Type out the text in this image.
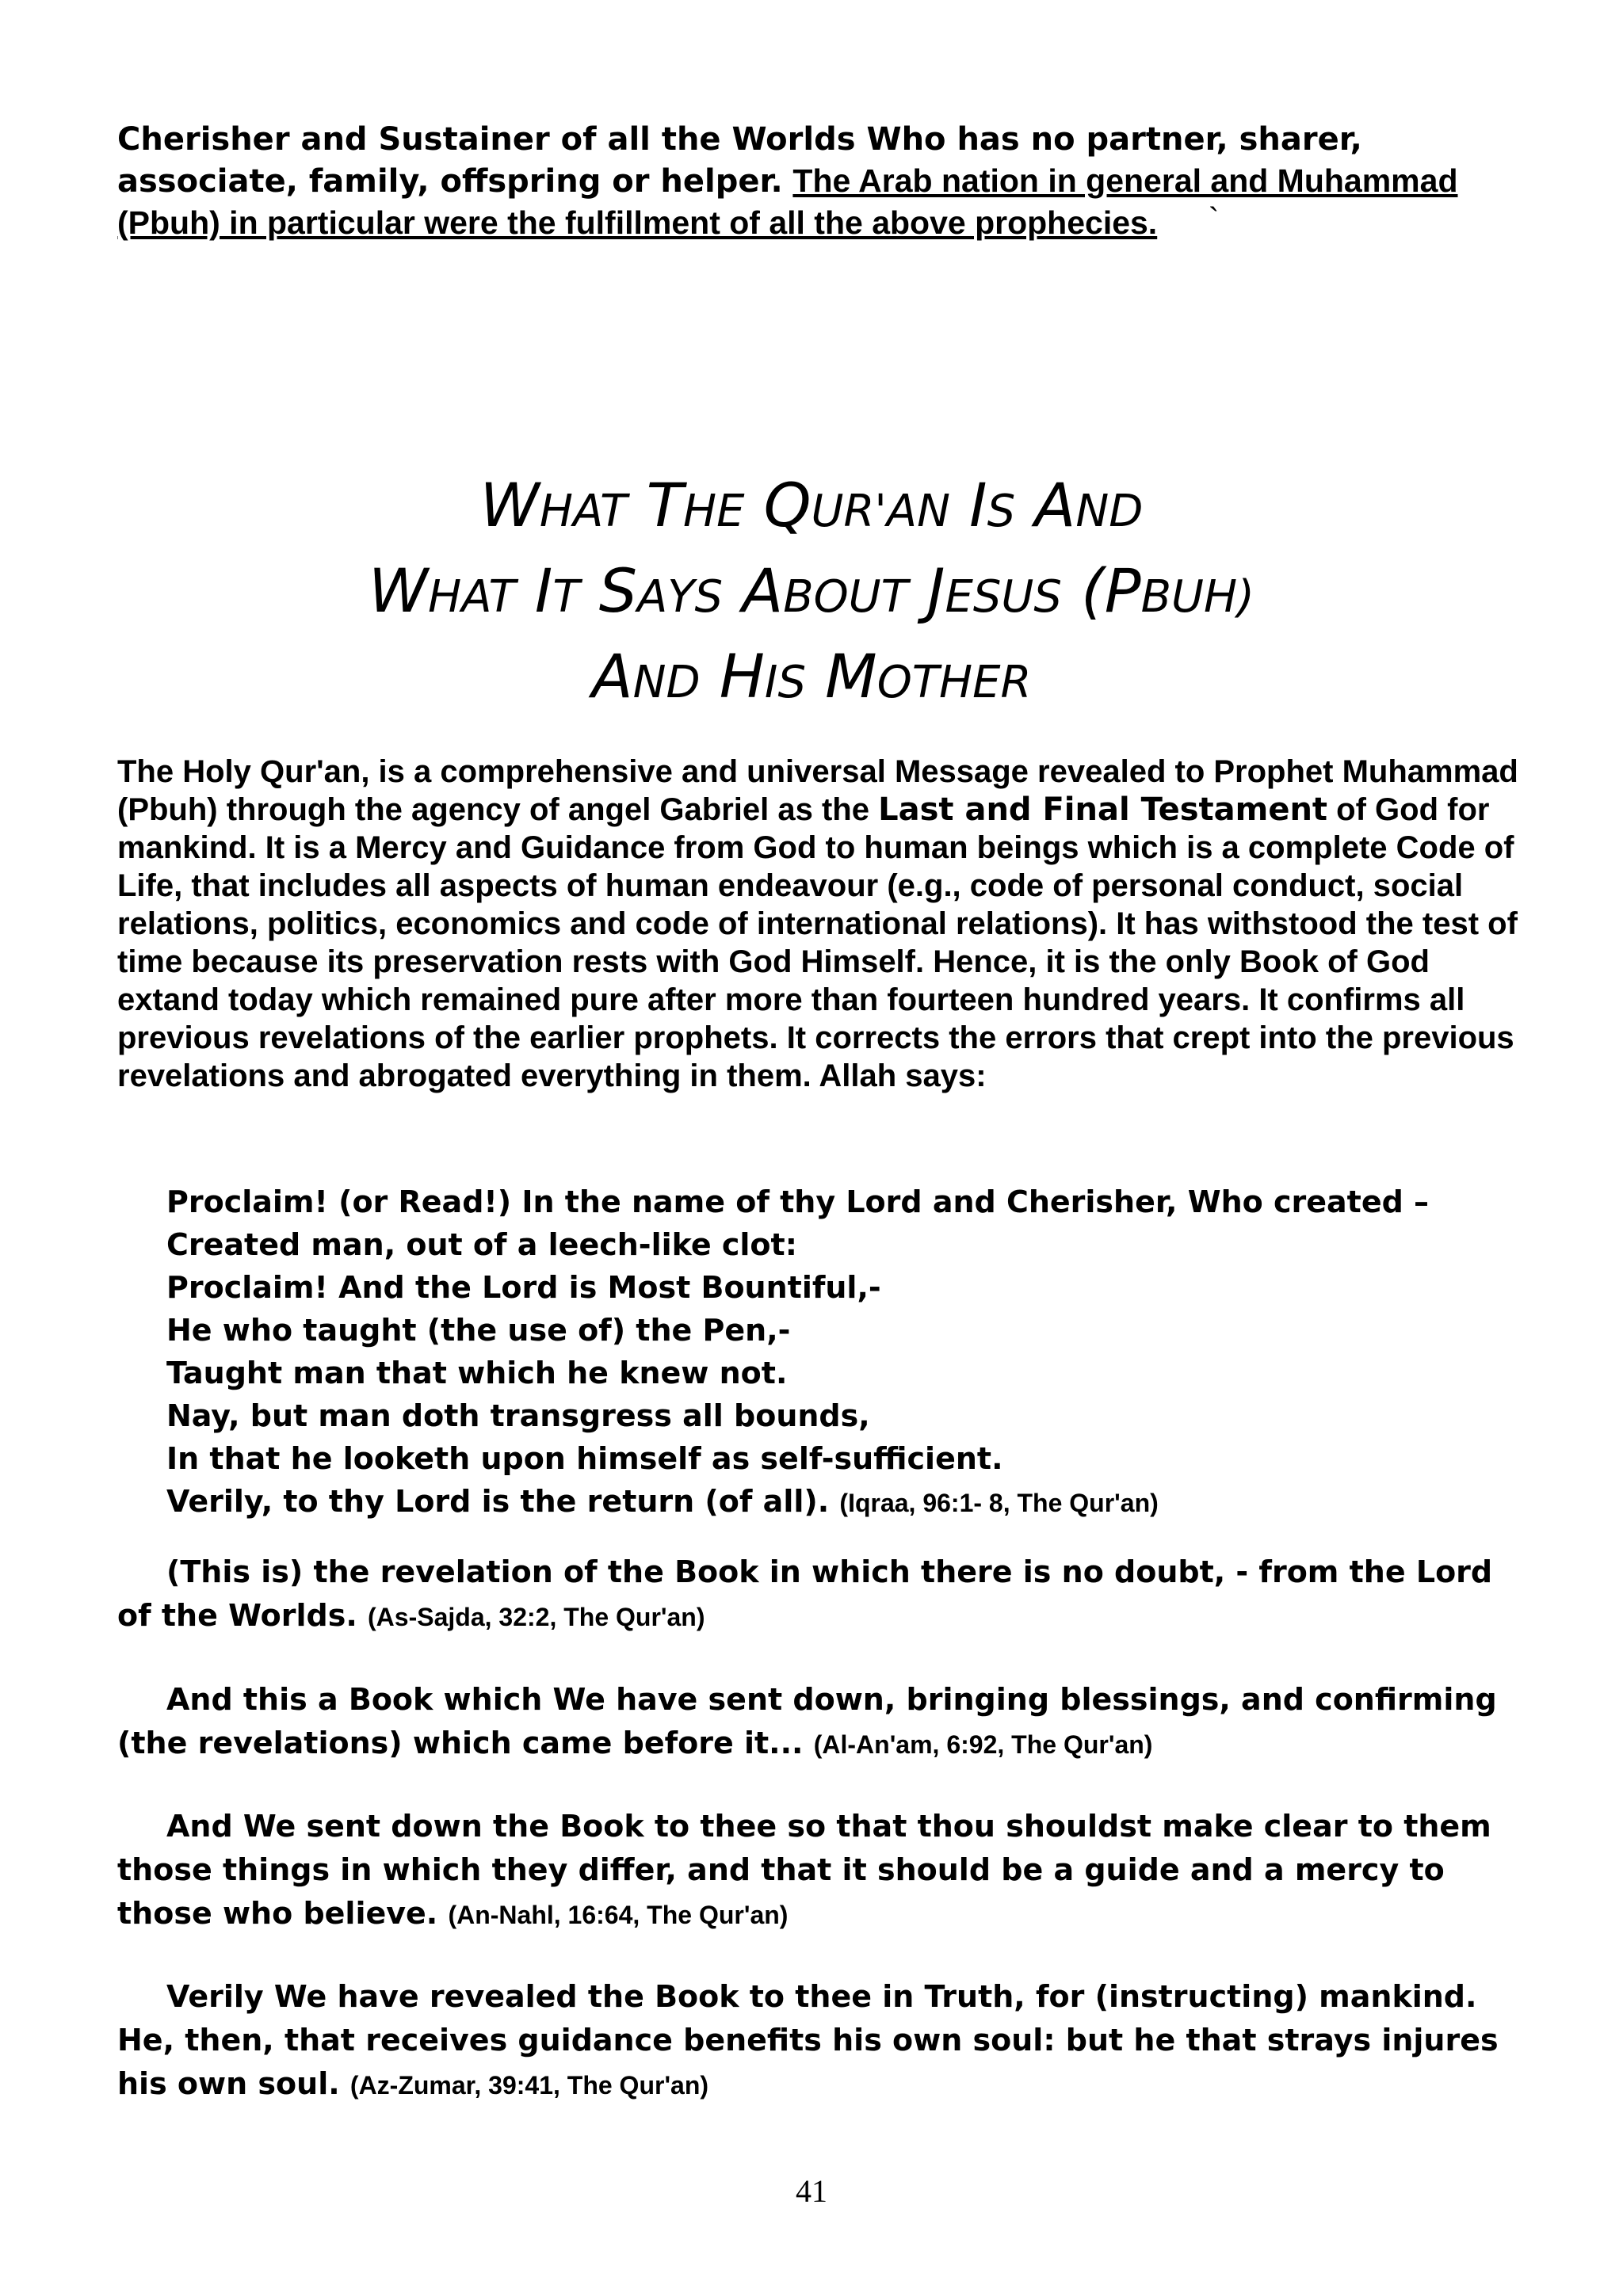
Cherisher and Sustainer of all the Worlds Who has no partner, sharer, associate, family, offspring or helper. The Arab nation in general and Muhammad (Pbuh) in particular were the fulfillment of all the above prophecies.	`
WHAT THE QUR'AN IS AND
WHAT IT SAYS ABOUT JESUS (PBUH)
AND HIS MOTHER
The Holy Qur'an, is a comprehensive and universal Message revealed to Prophet Muhammad (Pbuh) through the agency of angel Gabriel as the Last and Final Testament of God for mankind. It is a Mercy and Guidance from God to human beings which is a complete Code of Life, that includes all aspects of human endeavour (e.g., code of personal conduct, social relations, politics, economics and code of international relations). It has withstood the test of time because its preservation rests with God Himself. Hence, it is the only Book of God extand today which remained pure after more than fourteen hundred years. It confirms all previous revelations of the earlier prophets. It corrects the errors that crept into the previous revelations and abrogated everything in them. Allah says:
Proclaim! (or Read!) In the name of thy Lord and Cherisher, Who created –
Created man, out of a leech-like clot:
Proclaim! And the Lord is Most Bountiful,-
He who taught (the use of) the Pen,-
Taught man that which he knew not.
Nay, but man doth transgress all bounds,
In that he looketh upon himself as self-sufficient.
Verily, to thy Lord is the return (of all). (Iqraa, 96:1- 8, The Qur'an)
(This is) the revelation of the Book in which there is no doubt, - from the Lord of the Worlds. (As-Sajda, 32:2, The Qur'an)
And this a Book which We have sent down, bringing blessings, and confirming (the revelations) which came before it... (Al-An'am, 6:92, The Qur'an)
And We sent down the Book to thee so that thou shouldst make clear to them those things in which they differ, and that it should be a guide and a mercy to those who believe. (An-Nahl, 16:64, The Qur'an)
Verily We have revealed the Book to thee in Truth, for (instructing) mankind. He, then, that receives guidance benefits his own soul: but he that strays injures his own soul. (Az-Zumar, 39:41, The Qur'an)
41
